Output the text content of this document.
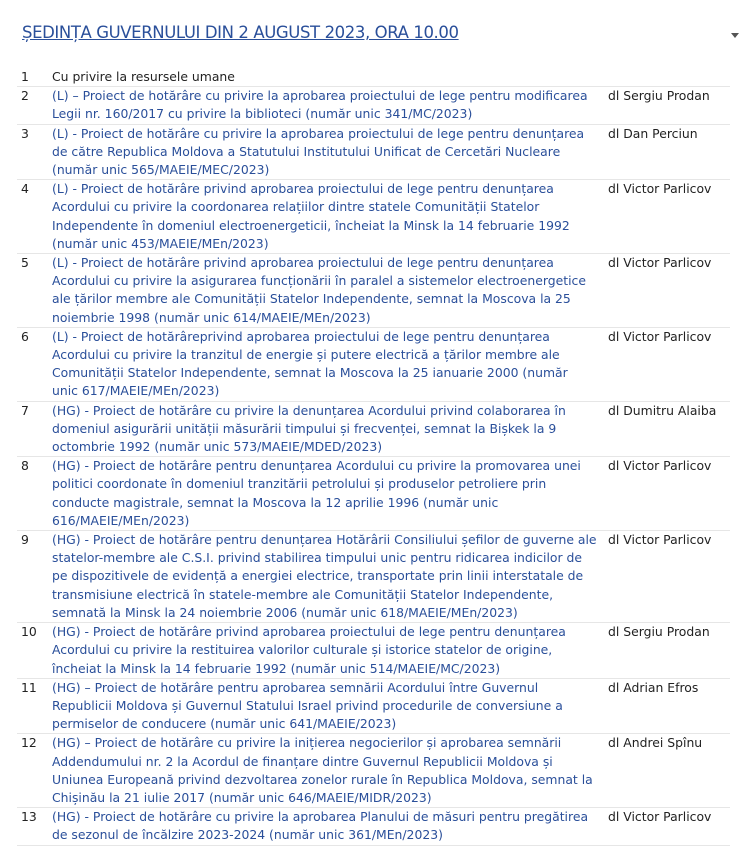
ȘEDINȚA GUVERNULUI DIN 2 AUGUST 2023, ORA 10.00
1	Cu privire la resursele umane	
2	(L) – Proiect de hotărâre cu privire la aprobarea proiectului de lege pentru modificarea Legii nr. 160/2017 cu privire la biblioteci (număr unic 341/MC/2023)	dl Sergiu Prodan
3	(L) - Proiect de hotărâre cu privire la aprobarea proiectului de lege pentru denunțarea de către Republica Moldova a Statutului Institutului Unificat de Cercetări Nucleare (număr unic 565/MAEIE/MEC/2023)	dl Dan Perciun
4	(L) - Proiect de hotărâre privind aprobarea proiectului de lege pentru denunțarea Acordului cu privire la coordonarea relațiilor dintre statele Comunității Statelor Independente în domeniul electroenergeticii, încheiat la Minsk la 14 februarie 1992 (număr unic 453/MAEIE/MEn/2023)	dl Victor Parlicov
5	(L) - Proiect de hotărâre privind aprobarea proiectului de lege pentru denunțarea Acordului cu privire la asigurarea funcționării în paralel a sistemelor electroenergetice ale țărilor membre ale Comunității Statelor Independente, semnat la Moscova la 25 noiembrie 1998 (număr unic 614/MAEIE/MEn/2023)	dl Victor Parlicov
6	(L) - Proiect de hotărâreprivind aprobarea proiectului de lege pentru denunțarea Acordului cu privire la tranzitul de energie și putere electrică a țărilor membre ale Comunității Statelor Independente, semnat la Moscova la 25 ianuarie 2000 (număr unic 617/MAEIE/MEn/2023)	dl Victor Parlicov
7	(HG) - Proiect de hotărâre cu privire la denunțarea Acordului privind colaborarea în domeniul asigurării unității măsurării timpului și frecvenței, semnat la Bișkek la 9 octombrie 1992 (număr unic 573/MAEIE/MDED/2023)	dl Dumitru Alaiba
8	(HG) - Proiect de hotărâre pentru denunțarea Acordului cu privire la promovarea unei politici coordonate în domeniul tranzitării petrolului și produselor petroliere prin conducte magistrale, semnat la Moscova la 12 aprilie 1996 (număr unic 616/MAEIE/MEn/2023)	dl Victor Parlicov
9	(HG) - Proiect de hotărâre pentru denunțarea Hotărârii Consiliului șefilor de guverne ale statelor-membre ale C.S.I. privind stabilirea timpului unic pentru ridicarea indicilor de pe dispozitivele de evidență a energiei electrice, transportate prin linii interstatale de transmisiune electrică în statele-membre ale Comunității Statelor Independente, semnată la Minsk la 24 noiembrie 2006 (număr unic 618/MAEIE/MEn/2023)	dl Victor Parlicov
10	(HG) - Proiect de hotărâre privind aprobarea proiectului de lege pentru denunțarea Acordului cu privire la restituirea valorilor culturale și istorice statelor de origine, încheiat la Minsk la 14 februarie 1992 (număr unic 514/MAEIE/MC/2023)	dl Sergiu Prodan
11	(HG) – Proiect de hotărâre pentru aprobarea semnării Acordului între Guvernul Republicii Moldova și Guvernul Statului Israel privind procedurile de conversiune a permiselor de conducere (număr unic 641/MAEIE/2023)	dl Adrian Efros
12	(HG) – Proiect de hotărâre cu privire la inițierea negocierilor și aprobarea semnării Addendumului nr. 2 la Acordul de finanțare dintre Guvernul Republicii Moldova și Uniunea Europeană privind dezvoltarea zonelor rurale în Republica Moldova, semnat la Chișinău la 21 iulie 2017 (număr unic 646/MAEIE/MIDR/2023)	dl Andrei Spînu
13	(HG) - Proiect de hotărâre cu privire la aprobarea Planului de măsuri pentru pregătirea de sezonul de încălzire 2023-2024 (număr unic 361/MEn/2023)	dl Victor Parlicov
